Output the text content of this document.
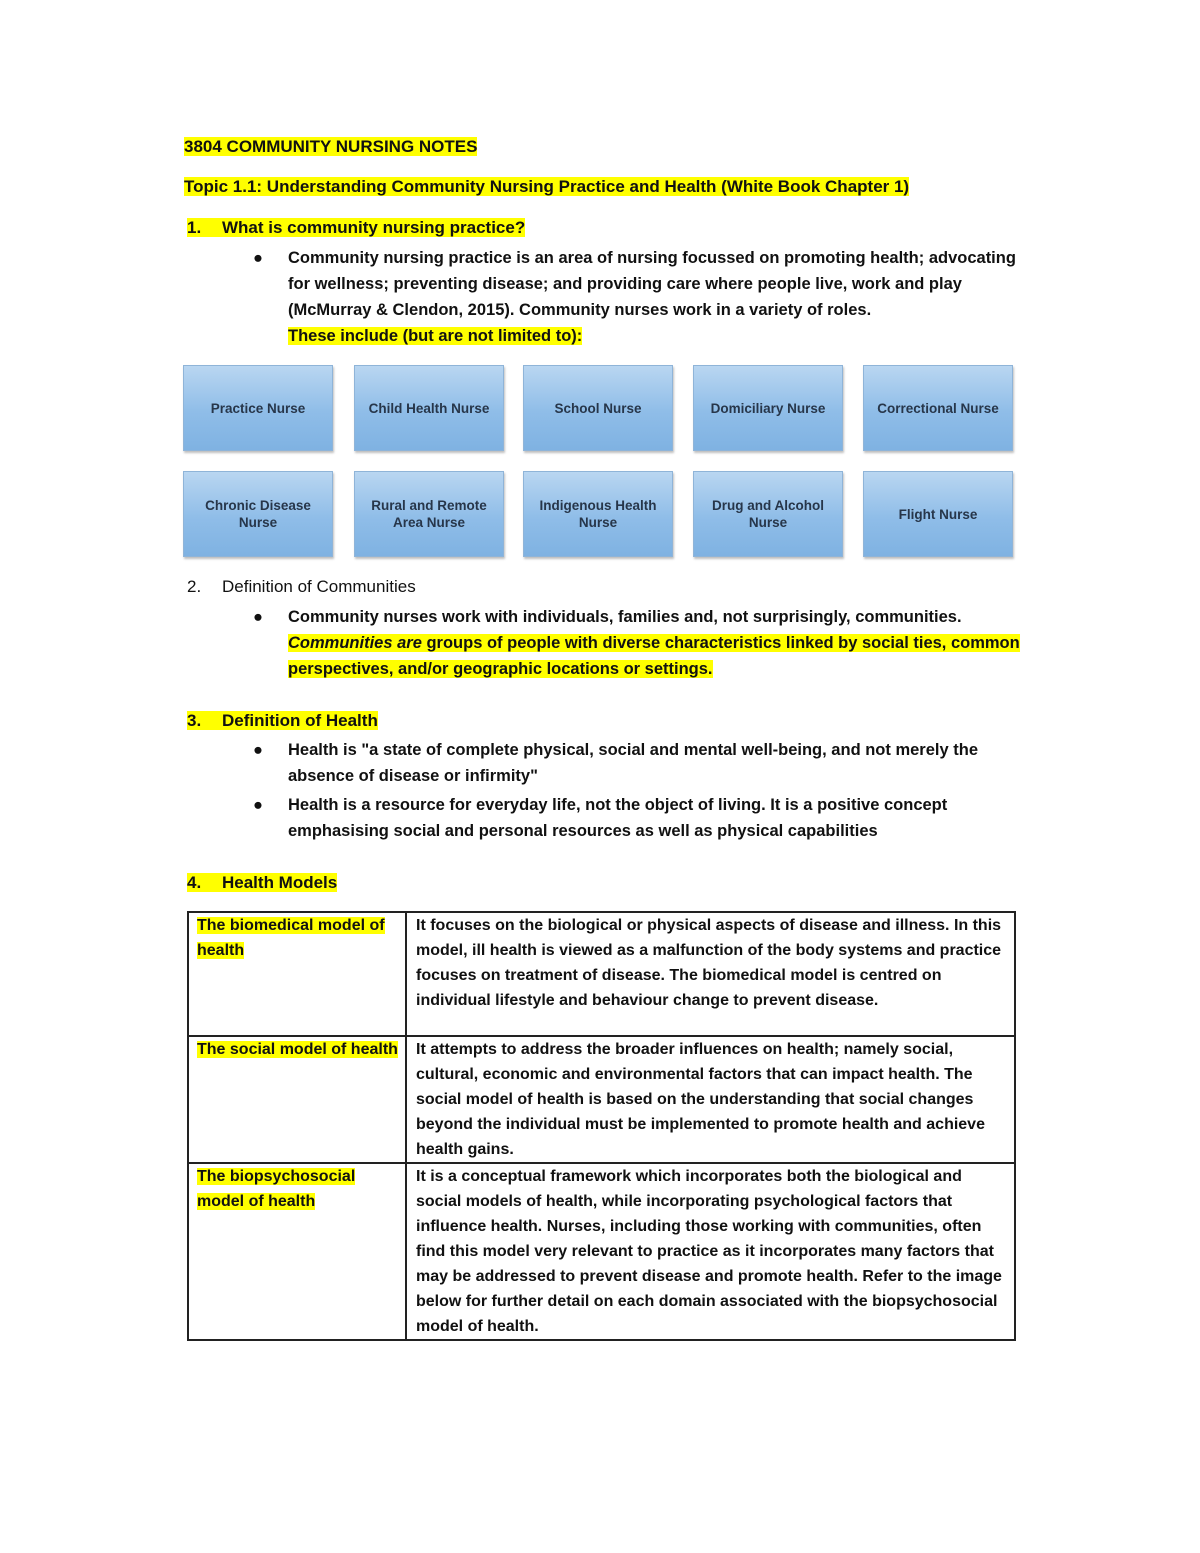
3804 COMMUNITY NURSING NOTES
Topic 1.1: Understanding Community Nursing Practice and Health (White Book Chapter 1)
1. What is community nursing practice?
●	Community nursing practice is an area of nursing focussed on promoting health; advocating for wellness; preventing disease; and providing care where people live, work and play (McMurray & Clendon, 2015). Community nurses work in a variety of roles.
These include (but are not limited to):
Practice Nurse	Child Health Nurse	School Nurse	Domiciliary Nurse	Correctional Nurse
Chronic Disease Nurse
Rural and Remote Area Nurse
Indigenous Health Nurse
Drug and Alcohol Nurse
Flight Nurse
2. Definition of Communities
●	Community nurses work with individuals, families and, not surprisingly, communities. Communities are groups of people with diverse characteristics linked by social ties, common perspectives, and/or geographic locations or settings.
3. Definition of Health
●	Health is "a state of complete physical, social and mental well-being, and not merely the absence of disease or infirmity"
●	Health is a resource for everyday life, not the object of living. It is a positive concept emphasising social and personal resources as well as physical capabilities
4. Health Models
The biomedical model of health	It focuses on the biological or physical aspects of disease and illness. In this model, ill health is viewed as a malfunction of the body systems and practice focuses on treatment of disease. The biomedical model is centred on individual lifestyle and behaviour change to prevent disease.
The social model of health	It attempts to address the broader influences on health; namely social, cultural, economic and environmental factors that can impact health. The social model of health is based on the understanding that social changes beyond the individual must be implemented to promote health and achieve health gains.
The biopsychosocial model of health	It is a conceptual framework which incorporates both the biological and social models of health, while incorporating psychological factors that influence health. Nurses, including those working with communities, often find this model very relevant to practice as it incorporates many factors that may be addressed to prevent disease and promote health. Refer to the image below for further detail on each domain associated with the biopsychosocial model of health.
